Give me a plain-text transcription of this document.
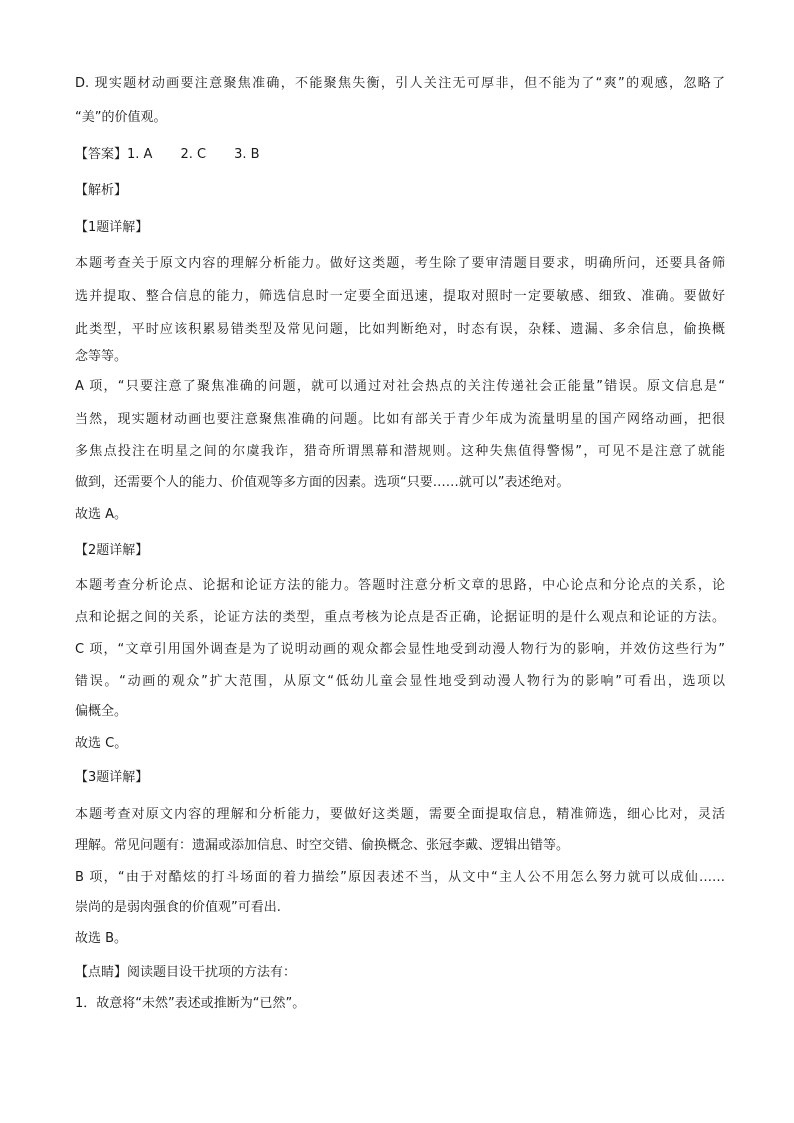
D. 现实题材动画要注意聚焦准确，不能聚焦失衡，引人关注无可厚非，但不能为了“爽”的观感，忽略了
“美”的价值观。
【答案】1. A 2. C 3. B
【解析】
【1题详解】
本题考查关于原文内容的理解分析能力。做好这类题，考生除了要审清题目要求，明确所问，还要具备筛
选并提取、整合信息的能力，筛选信息时一定要全面迅速，提取对照时一定要敏感、细致、准确。要做好
此类型，平时应该积累易错类型及常见问题，比如判断绝对，时态有误，杂糅、遗漏、多余信息，偷换概
念等等。
A 项，“只要注意了聚焦准确的问题，就可以通过对社会热点的关注传递社会正能量”错误。原文信息是“
当然，现实题材动画也要注意聚焦准确的问题。比如有部关于青少年成为流量明星的国产网络动画，把很
多焦点投注在明星之间的尔虞我诈，猎奇所谓黑幕和潜规则。这种失焦值得警惕”，可见不是注意了就能
做到，还需要个人的能力、价值观等多方面的因素。选项“只要……就可以”表述绝对。
故选 A。
【2题详解】
本题考查分析论点、论据和论证方法的能力。答题时注意分析文章的思路，中心论点和分论点的关系，论
点和论据之间的关系，论证方法的类型，重点考核为论点是否正确，论据证明的是什么观点和论证的方法。
C 项，“文章引用国外调查是为了说明动画的观众都会显性地受到动漫人物行为的影响，并效仿这些行为”
错误。“动画的观众”扩大范围，从原文“低幼儿童会显性地受到动漫人物行为的影响”可看出，选项以
偏概全。
故选 C。
【3题详解】
本题考查对原文内容的理解和分析能力，要做好这类题，需要全面提取信息，精准筛选，细心比对，灵活
理解。常见问题有：遗漏或添加信息、时空交错、偷换概念、张冠李戴、逻辑出错等。
B 项，“由于对酷炫的打斗场面的着力描绘”原因表述不当，从文中“主人公不用怎么努力就可以成仙……
崇尚的是弱肉强食的价值观”可看出.
故选 B。
【点睛】阅读题目设干扰项的方法有：
1．故意将“未然”表述或推断为“已然”。
